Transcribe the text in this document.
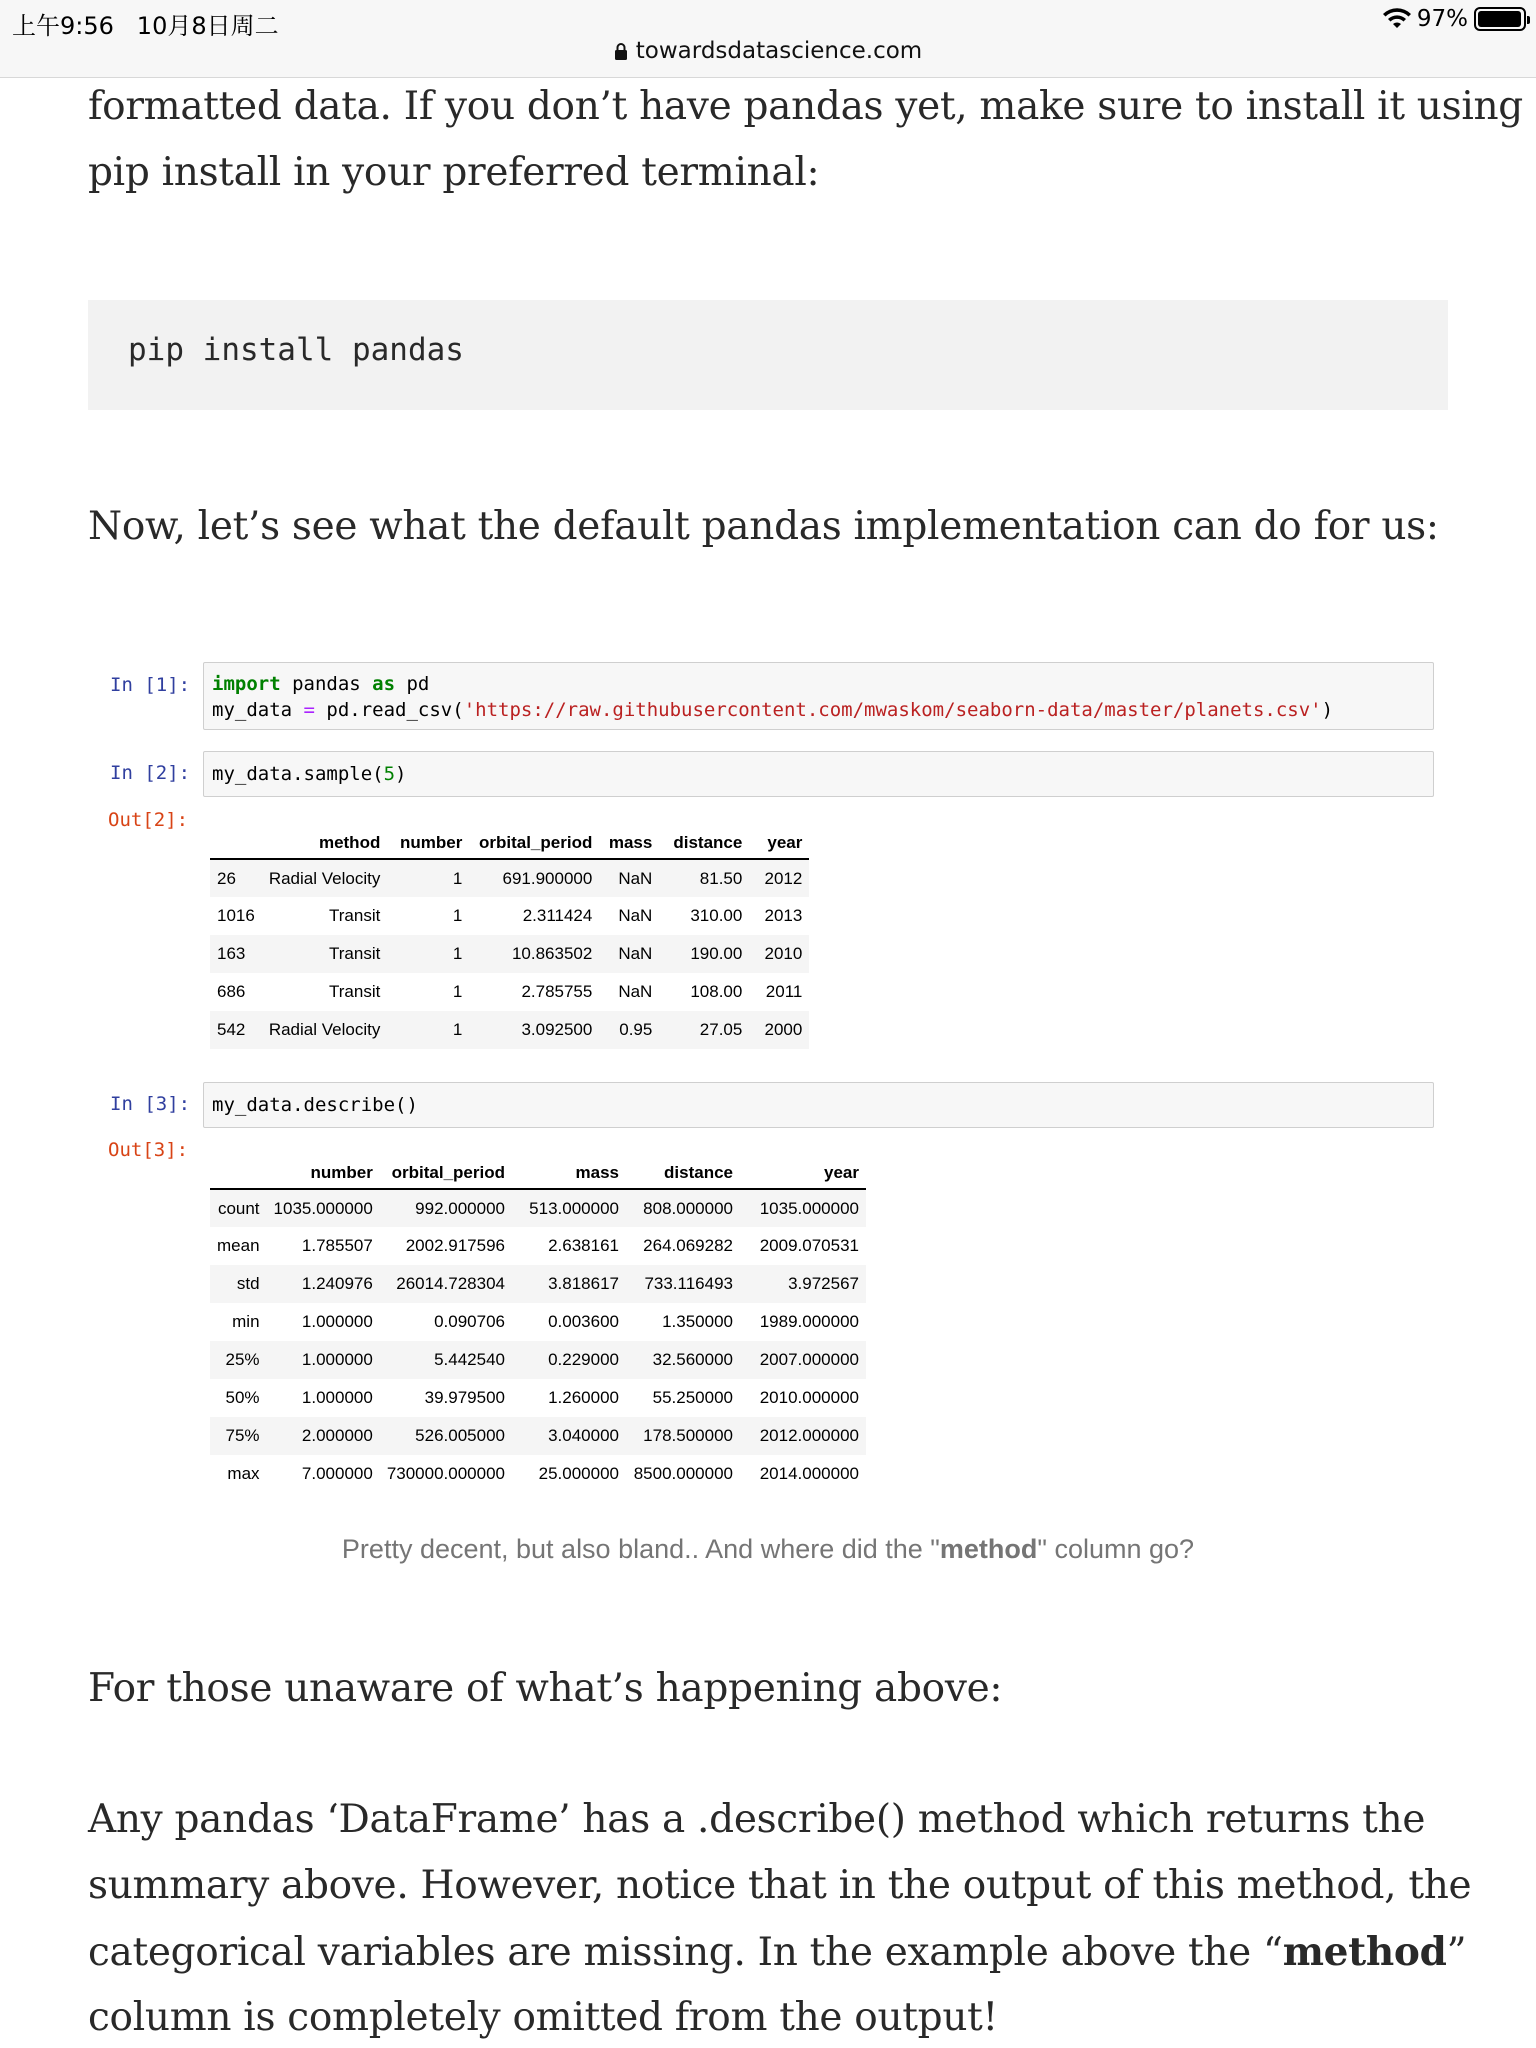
上午9:56 10月8日周二	97%
towardsdatascience.com
formatted data. If you don’t have pandas yet, make sure to install it using
pip install in your preferred terminal:
pip install pandas
Now, let’s see what the default pandas implementation can do for us:
In [1]: import pandas as pd
my_data = pd.read_csv('https://raw.githubusercontent.com/mwaskom/seaborn-data/master/planets.csv')
In [2]: my_data.sample(5)
Out[2]:
	method	number	orbital_period	mass	distance	year
26	Radial Velocity	1	691.900000	NaN	81.50	2012
1016	Transit	1	2.311424	NaN	310.00	2013
163	Transit	1	10.863502	NaN	190.00	2010
686	Transit	1	2.785755	NaN	108.00	2011
542	Radial Velocity	1	3.092500	0.95	27.05	2000
In [3]: my_data.describe()
Out[3]:
	number	orbital_period	mass	distance	year
count	1035.000000	992.000000	513.000000	808.000000	1035.000000
mean	1.785507	2002.917596	2.638161	264.069282	2009.070531
std	1.240976	26014.728304	3.818617	733.116493	3.972567
min	1.000000	0.090706	0.003600	1.350000	1989.000000
25%	1.000000	5.442540	0.229000	32.560000	2007.000000
50%	1.000000	39.979500	1.260000	55.250000	2010.000000
75%	2.000000	526.005000	3.040000	178.500000	2012.000000
max	7.000000	730000.000000	25.000000	8500.000000	2014.000000
Pretty decent, but also bland.. And where did the "method" column go?
For those unaware of what’s happening above:
Any pandas ‘DataFrame’ has a .describe() method which returns the
summary above. However, notice that in the output of this method, the
categorical variables are missing. In the example above the “method”
column is completely omitted from the output!
